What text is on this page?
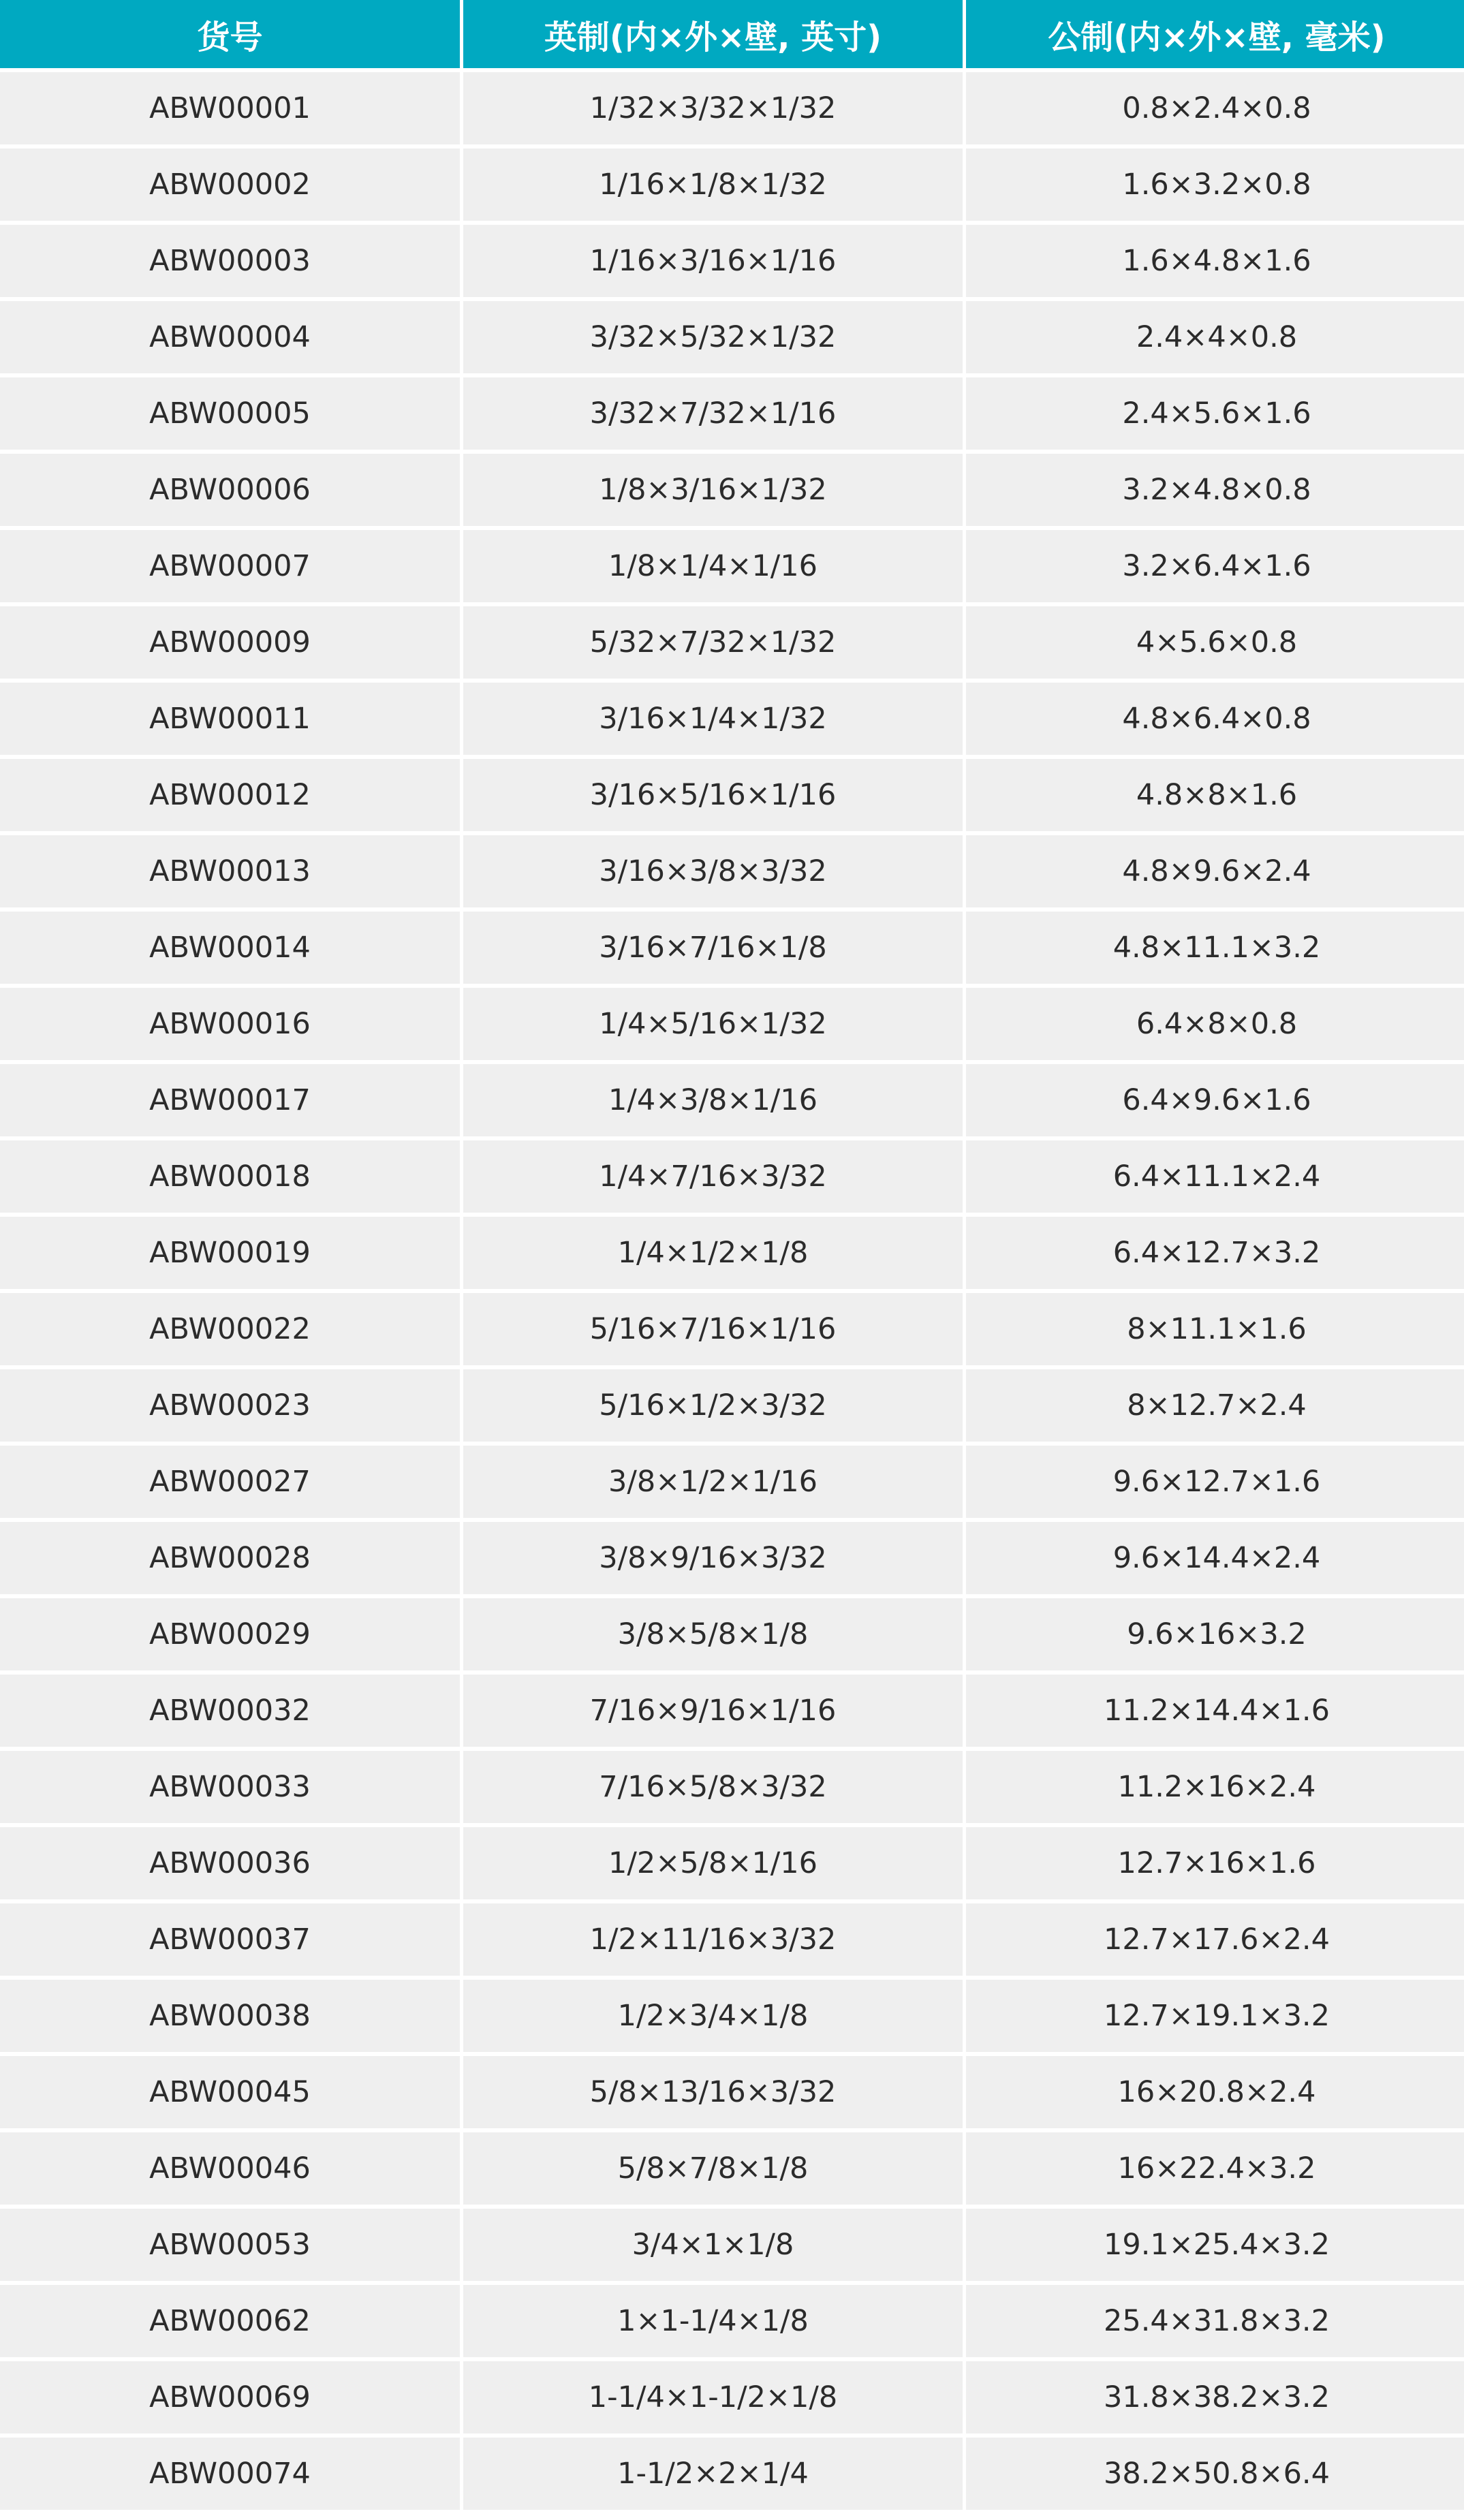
货号	英制(内×外×壁, 英寸)	公制(内×外×壁, 毫米)
ABW00001	1/32×3/32×1/32	0.8×2.4×0.8
ABW00002	1/16×1/8×1/32	1.6×3.2×0.8
ABW00003	1/16×3/16×1/16	1.6×4.8×1.6
ABW00004	3/32×5/32×1/32	2.4×4×0.8
ABW00005	3/32×7/32×1/16	2.4×5.6×1.6
ABW00006	1/8×3/16×1/32	3.2×4.8×0.8
ABW00007	1/8×1/4×1/16	3.2×6.4×1.6
ABW00009	5/32×7/32×1/32	4×5.6×0.8
ABW00011	3/16×1/4×1/32	4.8×6.4×0.8
ABW00012	3/16×5/16×1/16	4.8×8×1.6
ABW00013	3/16×3/8×3/32	4.8×9.6×2.4
ABW00014	3/16×7/16×1/8	4.8×11.1×3.2
ABW00016	1/4×5/16×1/32	6.4×8×0.8
ABW00017	1/4×3/8×1/16	6.4×9.6×1.6
ABW00018	1/4×7/16×3/32	6.4×11.1×2.4
ABW00019	1/4×1/2×1/8	6.4×12.7×3.2
ABW00022	5/16×7/16×1/16	8×11.1×1.6
ABW00023	5/16×1/2×3/32	8×12.7×2.4
ABW00027	3/8×1/2×1/16	9.6×12.7×1.6
ABW00028	3/8×9/16×3/32	9.6×14.4×2.4
ABW00029	3/8×5/8×1/8	9.6×16×3.2
ABW00032	7/16×9/16×1/16	11.2×14.4×1.6
ABW00033	7/16×5/8×3/32	11.2×16×2.4
ABW00036	1/2×5/8×1/16	12.7×16×1.6
ABW00037	1/2×11/16×3/32	12.7×17.6×2.4
ABW00038	1/2×3/4×1/8	12.7×19.1×3.2
ABW00045	5/8×13/16×3/32	16×20.8×2.4
ABW00046	5/8×7/8×1/8	16×22.4×3.2
ABW00053	3/4×1×1/8	19.1×25.4×3.2
ABW00062	1×1-1/4×1/8	25.4×31.8×3.2
ABW00069	1-1/4×1-1/2×1/8	31.8×38.2×3.2
ABW00074	1-1/2×2×1/4	38.2×50.8×6.4
